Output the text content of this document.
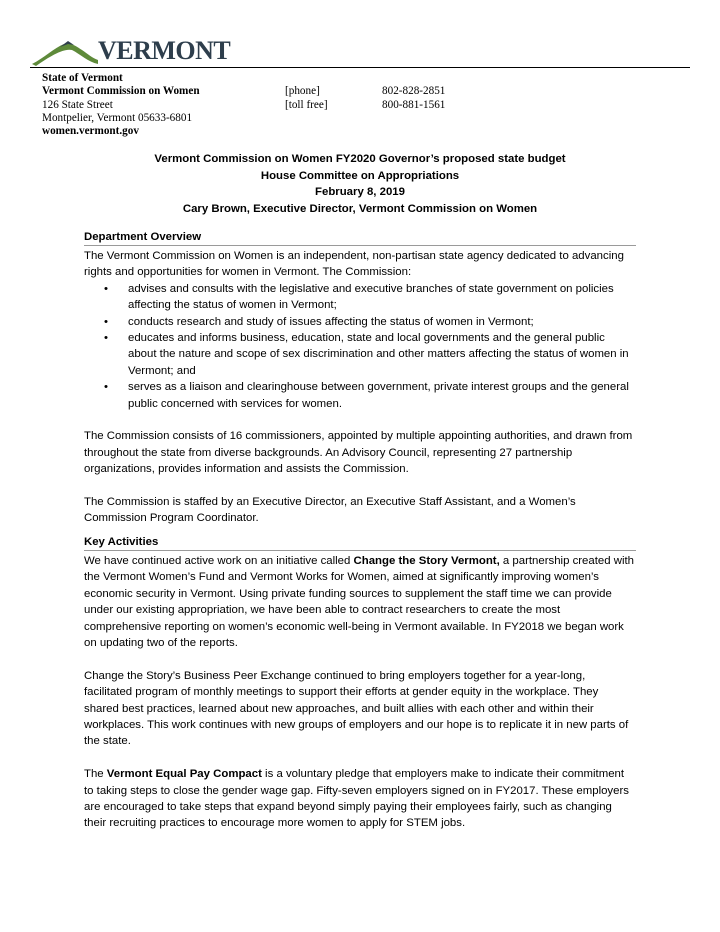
VERMONT
State of Vermont
Vermont Commission on Women	[phone]	802-828-2851
126 State Street	[toll free]	800-881-1561
Montpelier, Vermont 05633-6801
women.vermont.gov
Vermont Commission on Women FY2020 Governor’s proposed state budget
House Committee on Appropriations
February 8, 2019
Cary Brown, Executive Director, Vermont Commission on Women
Department Overview

The Vermont Commission on Women is an independent, non-partisan state agency dedicated to advancing rights and opportunities for women in Vermont. The Commission:

• advises and consults with the legislative and executive branches of state government on policies affecting the status of women in Vermont;
• conducts research and study of issues affecting the status of women in Vermont;
• educates and informs business, education, state and local governments and the general public about the nature and scope of sex discrimination and other matters affecting the status of women in Vermont; and
• serves as a liaison and clearinghouse between government, private interest groups and the general public concerned with services for women.

The Commission consists of 16 commissioners, appointed by multiple appointing authorities, and drawn from throughout the state from diverse backgrounds. An Advisory Council, representing 27 partnership organizations, provides information and assists the Commission.

The Commission is staffed by an Executive Director, an Executive Staff Assistant, and a Women’s Commission Program Coordinator.

Key Activities

We have continued active work on an initiative called Change the Story Vermont, a partnership created with the Vermont Women’s Fund and Vermont Works for Women, aimed at significantly improving women’s economic security in Vermont. Using private funding sources to supplement the staff time we can provide under our existing appropriation, we have been able to contract researchers to create the most comprehensive reporting on women’s economic well-being in Vermont available. In FY2018 we began work on updating two of the reports.

Change the Story’s Business Peer Exchange continued to bring employers together for a year-long, facilitated program of monthly meetings to support their efforts at gender equity in the workplace. They shared best practices, learned about new approaches, and built allies with each other and within their workplaces. This work continues with new groups of employers and our hope is to replicate it in new parts of the state.

The Vermont Equal Pay Compact is a voluntary pledge that employers make to indicate their commitment to taking steps to close the gender wage gap. Fifty-seven employers signed on in FY2017. These employers are encouraged to take steps that expand beyond simply paying their employees fairly, such as changing their recruiting practices to encourage more women to apply for STEM jobs.
